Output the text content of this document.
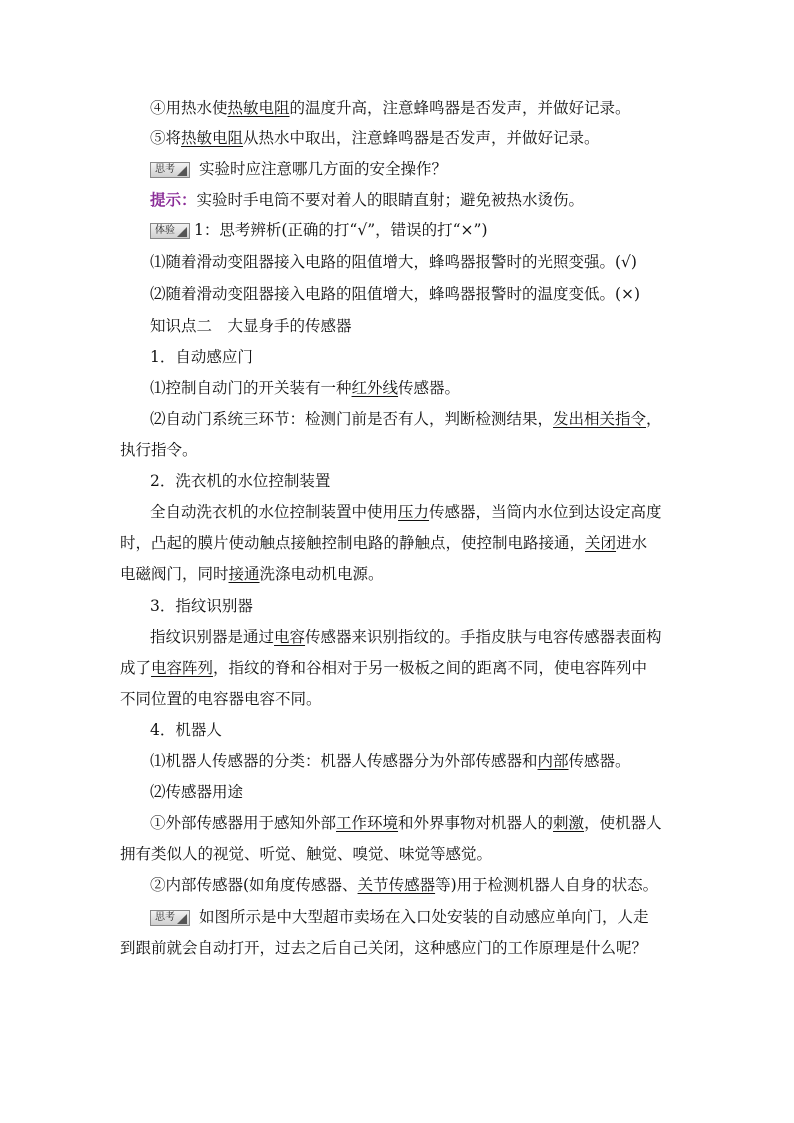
④用热水使热敏电阻的温度升高，注意蜂鸣器是否发声，并做好记录。
⑤将热敏电阻从热水中取出，注意蜂鸣器是否发声，并做好记录。
思考 实验时应注意哪几方面的安全操作？
提示：实验时手电筒不要对着人的眼睛直射；避免被热水烫伤。
体验 1：思考辨析(正确的打“√”，错误的打“×”)
⑴随着滑动变阻器接入电路的阻值增大，蜂鸣器报警时的光照变强。(√)
⑵随着滑动变阻器接入电路的阻值增大，蜂鸣器报警时的温度变低。(×)
知识点二　大显身手的传感器
1．自动感应门
⑴控制自动门的开关装有一种红外线传感器。
⑵自动门系统三环节：检测门前是否有人，判断检测结果，发出相关指令，
执行指令。
2．洗衣机的水位控制装置
全自动洗衣机的水位控制装置中使用压力传感器，当筒内水位到达设定高度
时，凸起的膜片使动触点接触控制电路的静触点，使控制电路接通，关闭进水
电磁阀门，同时接通洗涤电动机电源。
3．指纹识别器
指纹识别器是通过电容传感器来识别指纹的。手指皮肤与电容传感器表面构
成了电容阵列，指纹的脊和谷相对于另一极板之间的距离不同，使电容阵列中
不同位置的电容器电容不同。
4．机器人
⑴机器人传感器的分类：机器人传感器分为外部传感器和内部传感器。
⑵传感器用途
①外部传感器用于感知外部工作环境和外界事物对机器人的刺激，使机器人
拥有类似人的视觉、听觉、触觉、嗅觉、味觉等感觉。
②内部传感器(如角度传感器、关节传感器等)用于检测机器人自身的状态。
思考 如图所示是中大型超市卖场在入口处安装的自动感应单向门，人走
到跟前就会自动打开，过去之后自己关闭，这种感应门的工作原理是什么呢？
